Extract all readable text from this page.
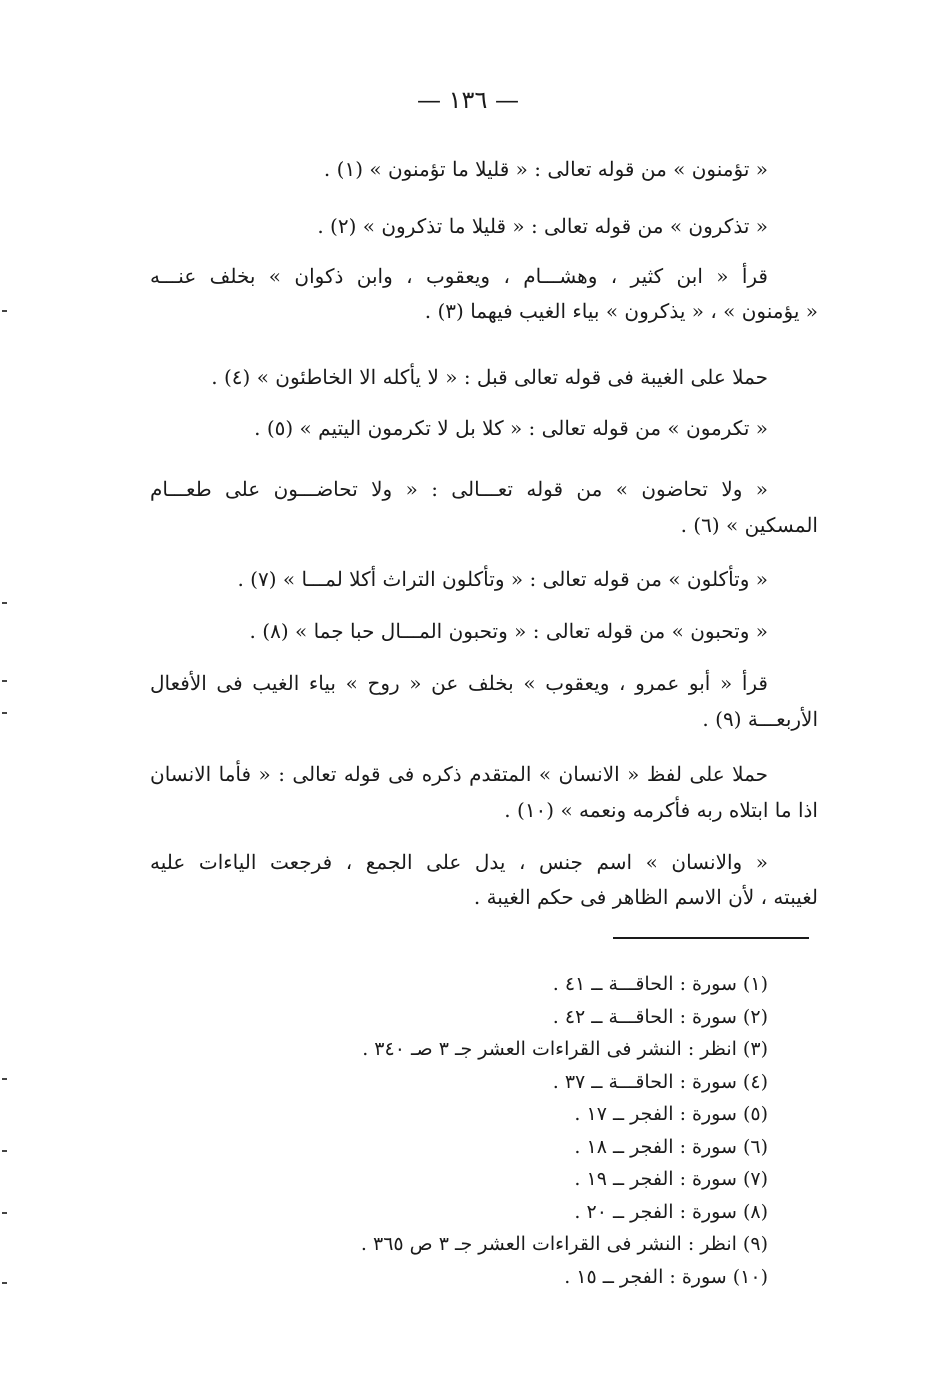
— ١٣٦ —
« تؤمنون » من قوله تعالى : « قليلا ما تؤمنون » (١) .
« تذكرون » من قوله تعالى : « قليلا ما تذكرون » (٢) .
قرأ « ابن كثير ، وهشـــام ، ويعقوب ، وابن ذكوان » بخلف عنـــه
« يؤمنون » ، « يذكرون » بياء الغيب فيهما (٣) .
حملا على الغيبة فى قوله تعالى قبل : « لا يأكله الا الخاطئون » (٤) .
« تكرمون » من قوله تعالى : « كلا بل لا تكرمون اليتيم » (٥) .
« ولا تحاضون » من قوله تعـــالى : « ولا تحاضـــون على طعـــام
المسكين » (٦) .
« وتأكلون » من قوله تعالى : « وتأكلون التراث أكلا لمـــا » (٧) .
« وتحبون » من قوله تعالى : « وتحبون المـــال حبا جما » (٨) .
قرأ « أبو عمرو ، ويعقوب » بخلف عن « روح » بياء الغيب فى الأفعال
الأربعـــة (٩) .
حملا على لفظ « الانسان » المتقدم ذكره فى قوله تعالى : « فأما الانسان
اذا ما ابتلاه ربه فأكرمه ونعمه » (١٠) .
« والانسان » اسم جنس ، يدل على الجمع ، فرجعت الياءات عليه
لغيبته ، لأن الاسم الظاهر فى حكم الغيبة .
(١) سورة : الحاقـــة ــ ٤١ .
(٢) سورة : الحاقـــة ــ ٤٢ .
(٣) انظر : النشر فى القراءات العشر جـ ٣ صـ ٣٤٠ .
(٤) سورة : الحاقـــة ــ ٣٧ .
(٥) سورة : الفجر ــ ١٧ .
(٦) سورة : الفجر ــ ١٨ .
(٧) سورة : الفجر ــ ١٩ .
(٨) سورة : الفجر ــ ٢٠ .
(٩) انظر : النشر فى القراءات العشر جـ ٣ ص ٣٦٥ .
(١٠) سورة : الفجر ــ ١٥ .
